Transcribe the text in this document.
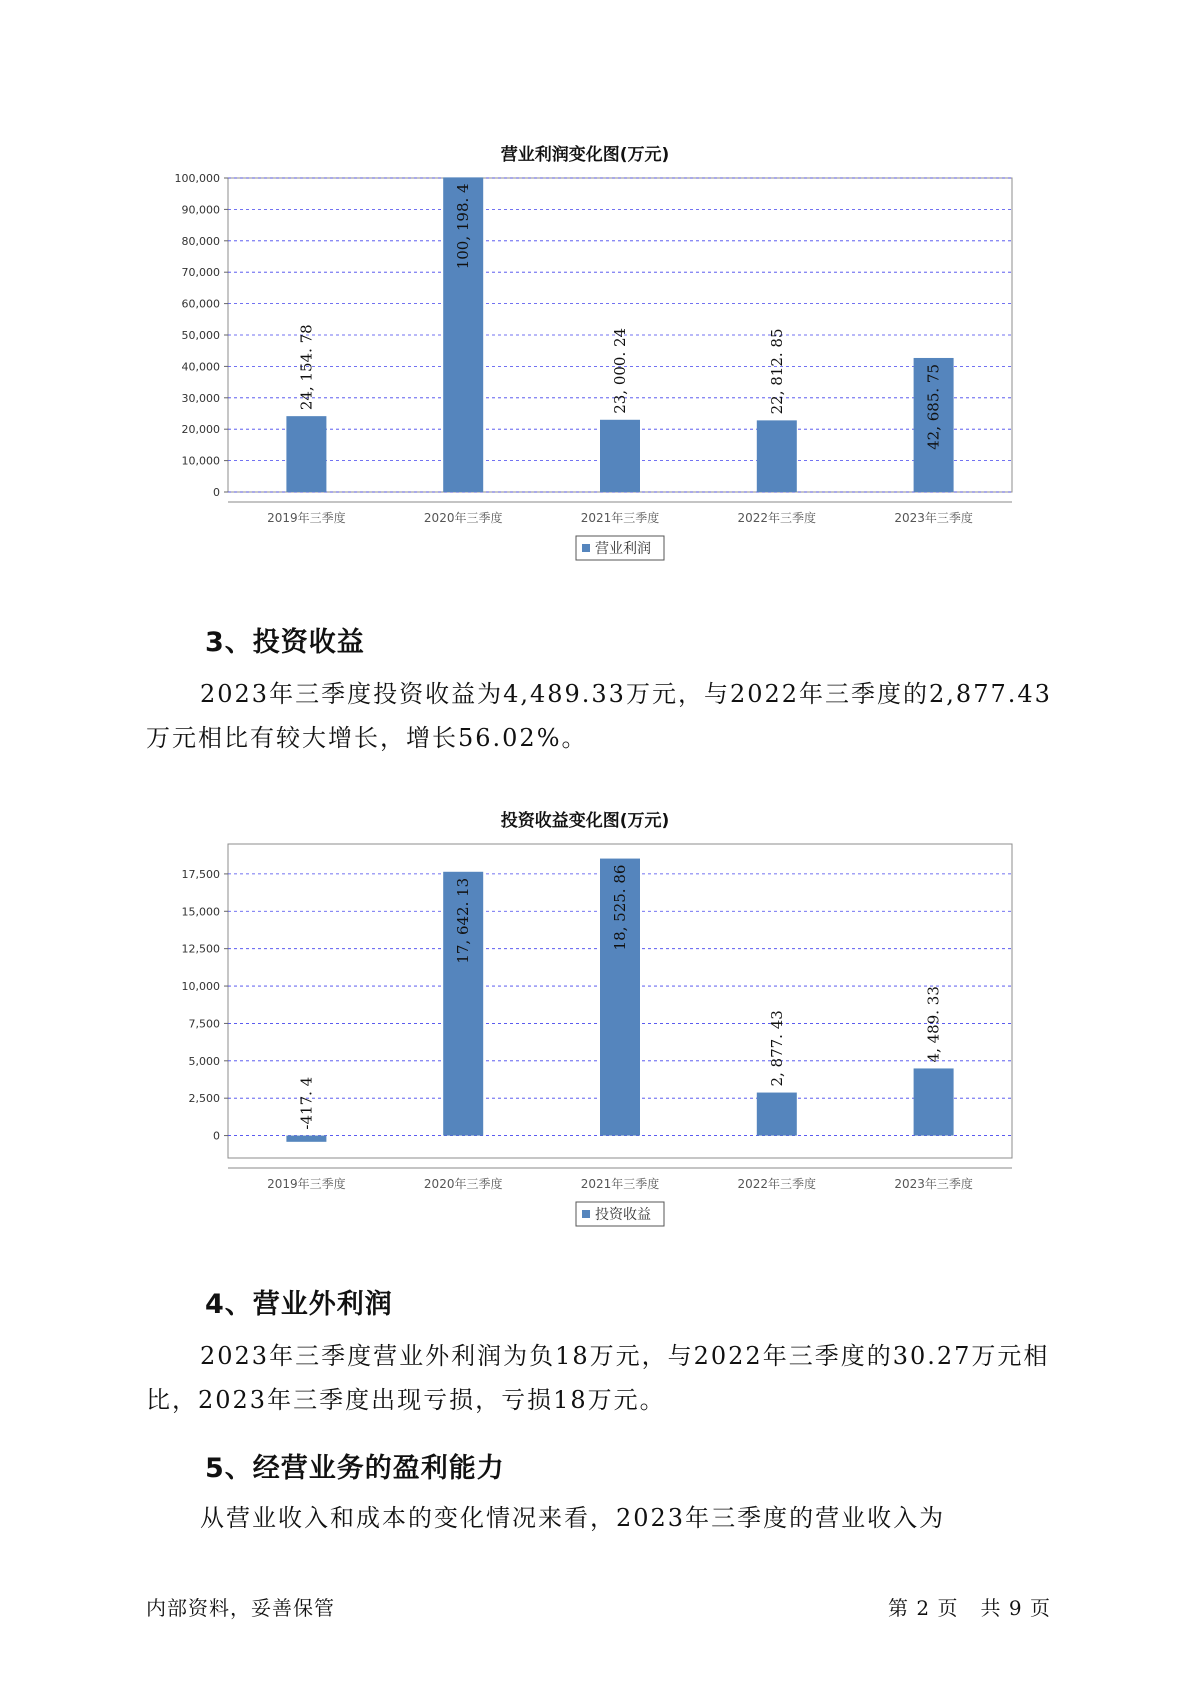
营业利润变化图(万元)
0
10,000
20,000
30,000
40,000
50,000
60,000
70,000
80,000
90,000
100,000
24, 154. 78
2019年三季度
100, 198. 4
2020年三季度
23, 000. 24
2021年三季度
22, 812. 85
2022年三季度
42, 685. 75
2023年三季度
营业利润
3、投资收益

2023年三季度投资收益为4,489.33万元，与2022年三季度的2,877.43
万元相比有较大增长，增长56.02%。

投资收益变化图(万元)
0
2,500
5,000
7,500
10,000
12,500
15,000
17,500
-417. 4
2019年三季度
17, 642. 13
2020年三季度
18, 525. 86
2021年三季度
2, 877. 43
2022年三季度
4, 489. 33
2023年三季度
投资收益
4、营业外利润

2023年三季度营业外利润为负18万元，与2022年三季度的30.27万元相
比，2023年三季度出现亏损，亏损18万元。

5、经营业务的盈利能力

从营业收入和成本的变化情况来看，2023年三季度的营业收入为

内部资料，妥善保管	第 2 页   共 9 页
